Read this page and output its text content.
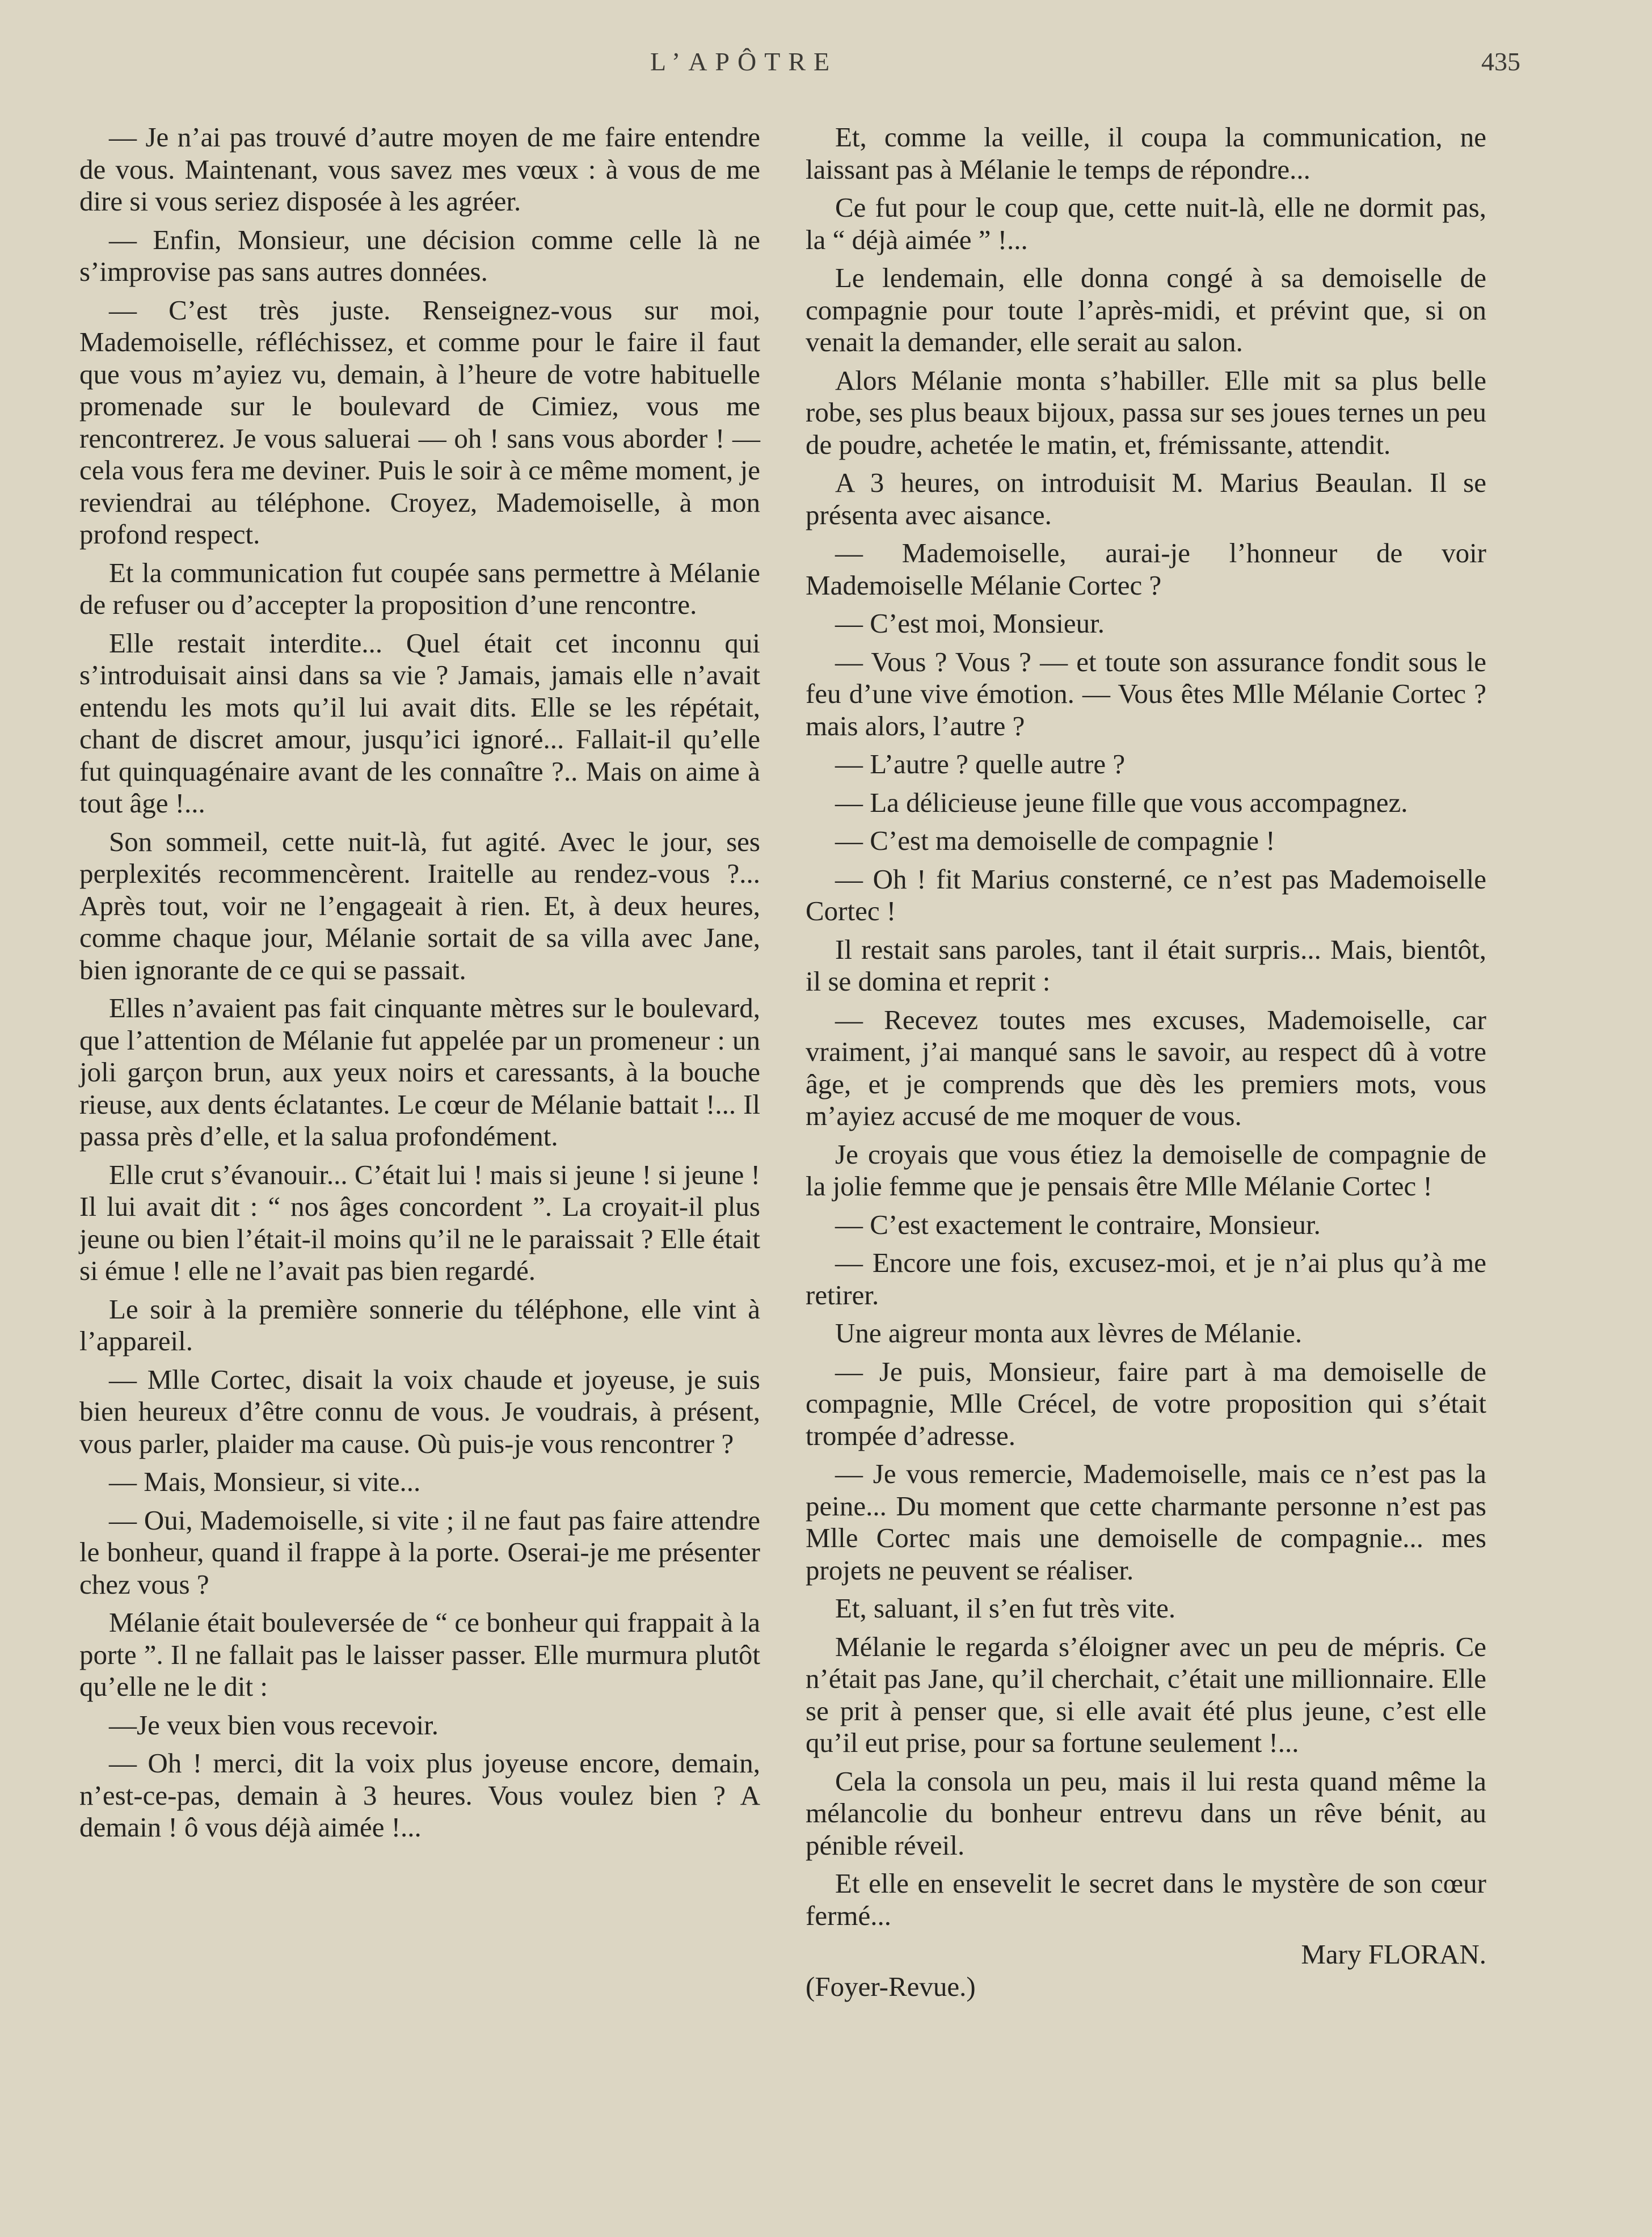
L’APÔTRE	435

— Je n’ai pas trouvé d’autre moyen de me faire entendre de vous. Maintenant, vous savez mes vœux : à vous de me dire si vous seriez disposée à les agréer.

— Enfin, Monsieur, une décision comme celle là ne s’improvise pas sans autres données.

— C’est très juste. Renseignez-vous sur moi, Mademoiselle, réfléchissez, et comme pour le faire il faut que vous m’ayiez vu, demain, à l’heure de votre habituelle promenade sur le boulevard de Cimiez, vous me rencontrerez. Je vous saluerai — oh ! sans vous aborder ! — cela vous fera me deviner. Puis le soir à ce même moment, je reviendrai au téléphone. Croyez, Mademoiselle, à mon profond respect.

Et la communication fut coupée sans permettre à Mélanie de refuser ou d’accepter la proposition d’une rencontre.

Elle restait interdite... Quel était cet inconnu qui s’introduisait ainsi dans sa vie ? Jamais, jamais elle n’avait entendu les mots qu’il lui avait dits. Elle se les répétait, chant de discret amour, jusqu’ici ignoré... Fallait-il qu’elle fut quinquagénaire avant de les connaître ?.. Mais on aime à tout âge !...

Son sommeil, cette nuit-là, fut agité. Avec le jour, ses perplexités recommencèrent. Iraitelle au rendez-vous ?... Après tout, voir ne l’engageait à rien. Et, à deux heures, comme chaque jour, Mélanie sortait de sa villa avec Jane, bien ignorante de ce qui se passait.

Elles n’avaient pas fait cinquante mètres sur le boulevard, que l’attention de Mélanie fut appelée par un promeneur : un joli garçon brun, aux yeux noirs et caressants, à la bouche rieuse, aux dents éclatantes. Le cœur de Mélanie battait !... Il passa près d’elle, et la salua profondément.

Elle crut s’évanouir... C’était lui ! mais si jeune ! si jeune ! Il lui avait dit : “ nos âges concordent ”. La croyait-il plus jeune ou bien l’était-il moins qu’il ne le paraissait ? Elle était si émue ! elle ne l’avait pas bien regardé.

Le soir à la première sonnerie du téléphone, elle vint à l’appareil.

— Mlle Cortec, disait la voix chaude et joyeuse, je suis bien heureux d’être connu de vous. Je voudrais, à présent, vous parler, plaider ma cause. Où puis-je vous rencontrer ?

— Mais, Monsieur, si vite...

— Oui, Mademoiselle, si vite ; il ne faut pas faire attendre le bonheur, quand il frappe à la porte. Oserai-je me présenter chez vous ?

Mélanie était bouleversée de “ ce bonheur qui frappait à la porte ”. Il ne fallait pas le laisser passer. Elle murmura plutôt qu’elle ne le dit :

—Je veux bien vous recevoir.

— Oh ! merci, dit la voix plus joyeuse encore, demain, n’est-ce-pas, demain à 3 heures. Vous voulez bien ? A demain ! ô vous déjà aimée !...

Et, comme la veille, il coupa la communication, ne laissant pas à Mélanie le temps de répondre...

Ce fut pour le coup que, cette nuit-là, elle ne dormit pas, la “ déjà aimée ” !...

Le lendemain, elle donna congé à sa demoiselle de compagnie pour toute l’après-midi, et prévint que, si on venait la demander, elle serait au salon.

Alors Mélanie monta s’habiller. Elle mit sa plus belle robe, ses plus beaux bijoux, passa sur ses joues ternes un peu de poudre, achetée le matin, et, frémissante, attendit.

A 3 heures, on introduisit M. Marius Beaulan. Il se présenta avec aisance.

— Mademoiselle, aurai-je l’honneur de voir Mademoiselle Mélanie Cortec ?

— C’est moi, Monsieur.

— Vous ? Vous ? — et toute son assurance fondit sous le feu d’une vive émotion. — Vous êtes Mlle Mélanie Cortec ? mais alors, l’autre ?

— L’autre ? quelle autre ?

— La délicieuse jeune fille que vous accompagnez.

— C’est ma demoiselle de compagnie !

— Oh ! fit Marius consterné, ce n’est pas Mademoiselle Cortec !

Il restait sans paroles, tant il était surpris... Mais, bientôt, il se domina et reprit :

— Recevez toutes mes excuses, Mademoiselle, car vraiment, j’ai manqué sans le savoir, au respect dû à votre âge, et je comprends que dès les premiers mots, vous m’ayiez accusé de me moquer de vous.

Je croyais que vous étiez la demoiselle de compagnie de la jolie femme que je pensais être Mlle Mélanie Cortec !

— C’est exactement le contraire, Monsieur.

— Encore une fois, excusez-moi, et je n’ai plus qu’à me retirer.

Une aigreur monta aux lèvres de Mélanie.

— Je puis, Monsieur, faire part à ma demoiselle de compagnie, Mlle Crécel, de votre proposition qui s’était trompée d’adresse.

— Je vous remercie, Mademoiselle, mais ce n’est pas la peine... Du moment que cette charmante personne n’est pas Mlle Cortec mais une demoiselle de compagnie... mes projets ne peuvent se réaliser.

Et, saluant, il s’en fut très vite.

Mélanie le regarda s’éloigner avec un peu de mépris. Ce n’était pas Jane, qu’il cherchait, c’était une millionnaire. Elle se prit à penser que, si elle avait été plus jeune, c’est elle qu’il eut prise, pour sa fortune seulement !...

Cela la consola un peu, mais il lui resta quand même la mélancolie du bonheur entrevu dans un rêve bénit, au pénible réveil.

Et elle en ensevelit le secret dans le mystère de son cœur fermé...

Mary FLORAN.
(Foyer-Revue.)
